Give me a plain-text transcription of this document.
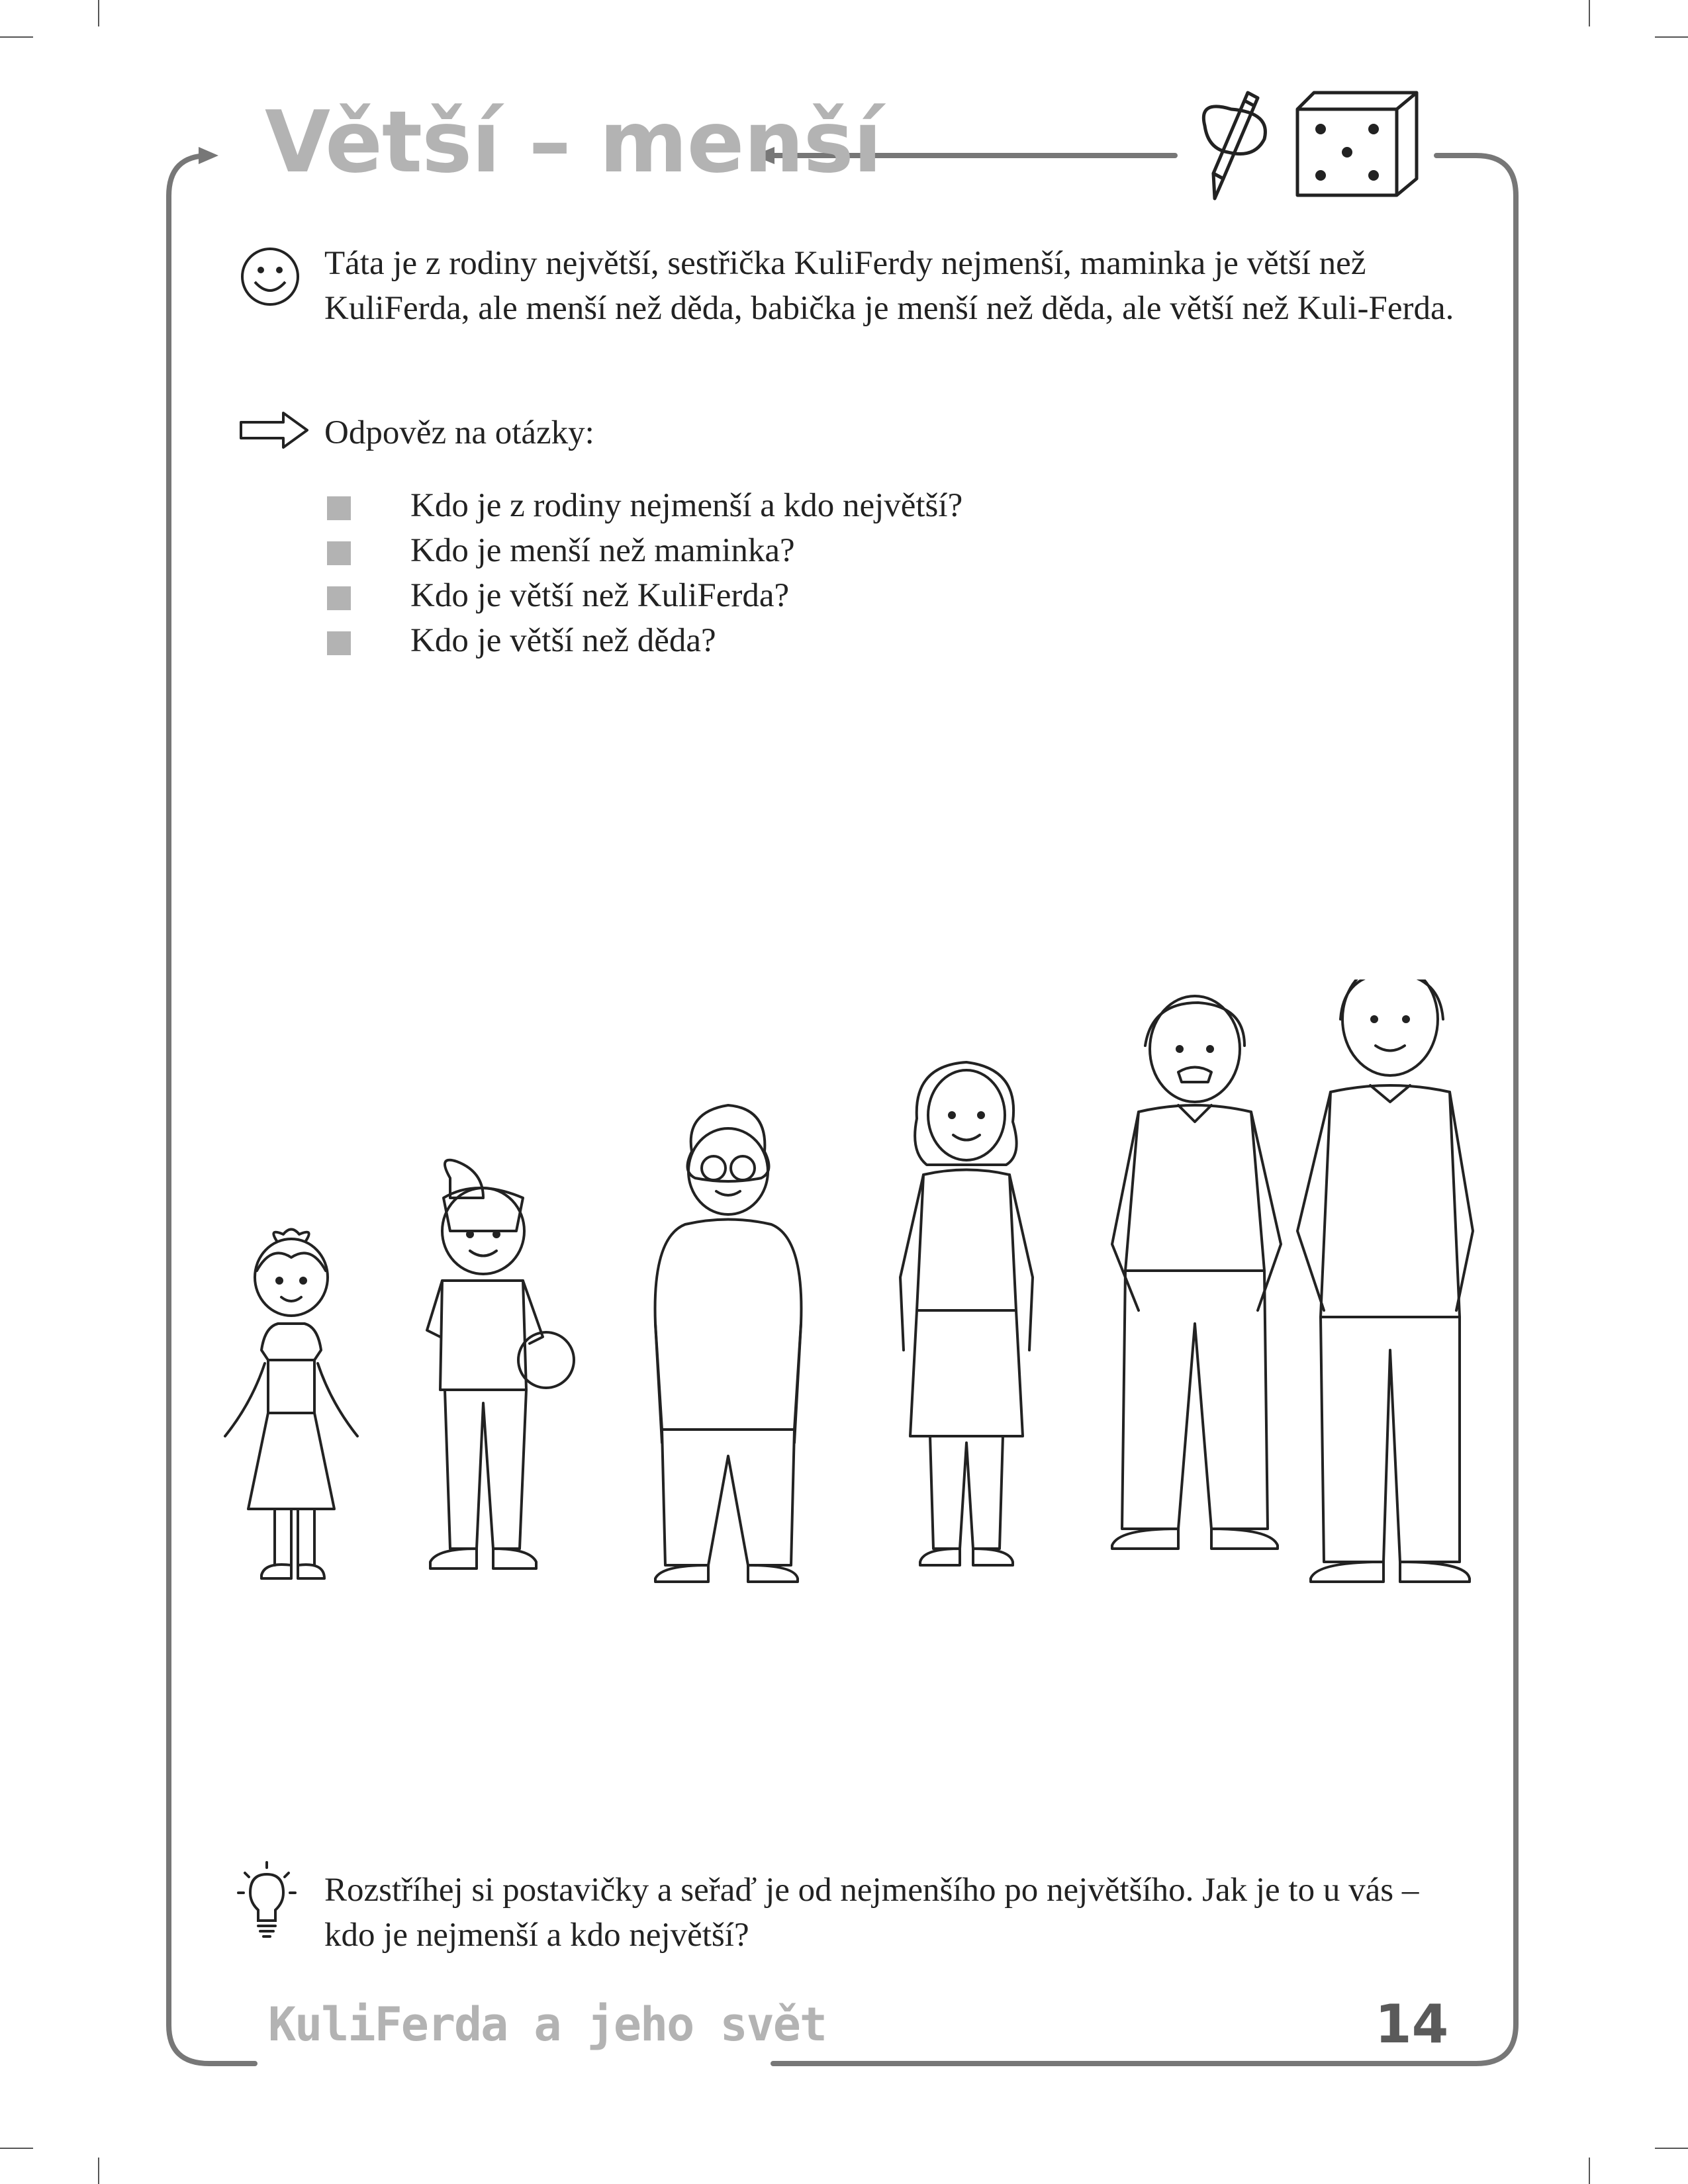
Větší – menší
Táta je z rodiny největší, sestřička KuliFerdy nejmenší, maminka je větší než KuliFerda, ale menší než děda, babička je menší než děda, ale větší než Kuli-Ferda.
Odpověz na otázky:
Kdo je z rodiny nejmenší a kdo největší?
Kdo je menší než maminka?
Kdo je větší než KuliFerda?
Kdo je větší než děda?
Rozstříhej si postavičky a seřaď je od nejmenšího po největšího. Jak je to u vás – kdo je nejmenší a kdo největší?
14
KuliFerda a jeho svět
